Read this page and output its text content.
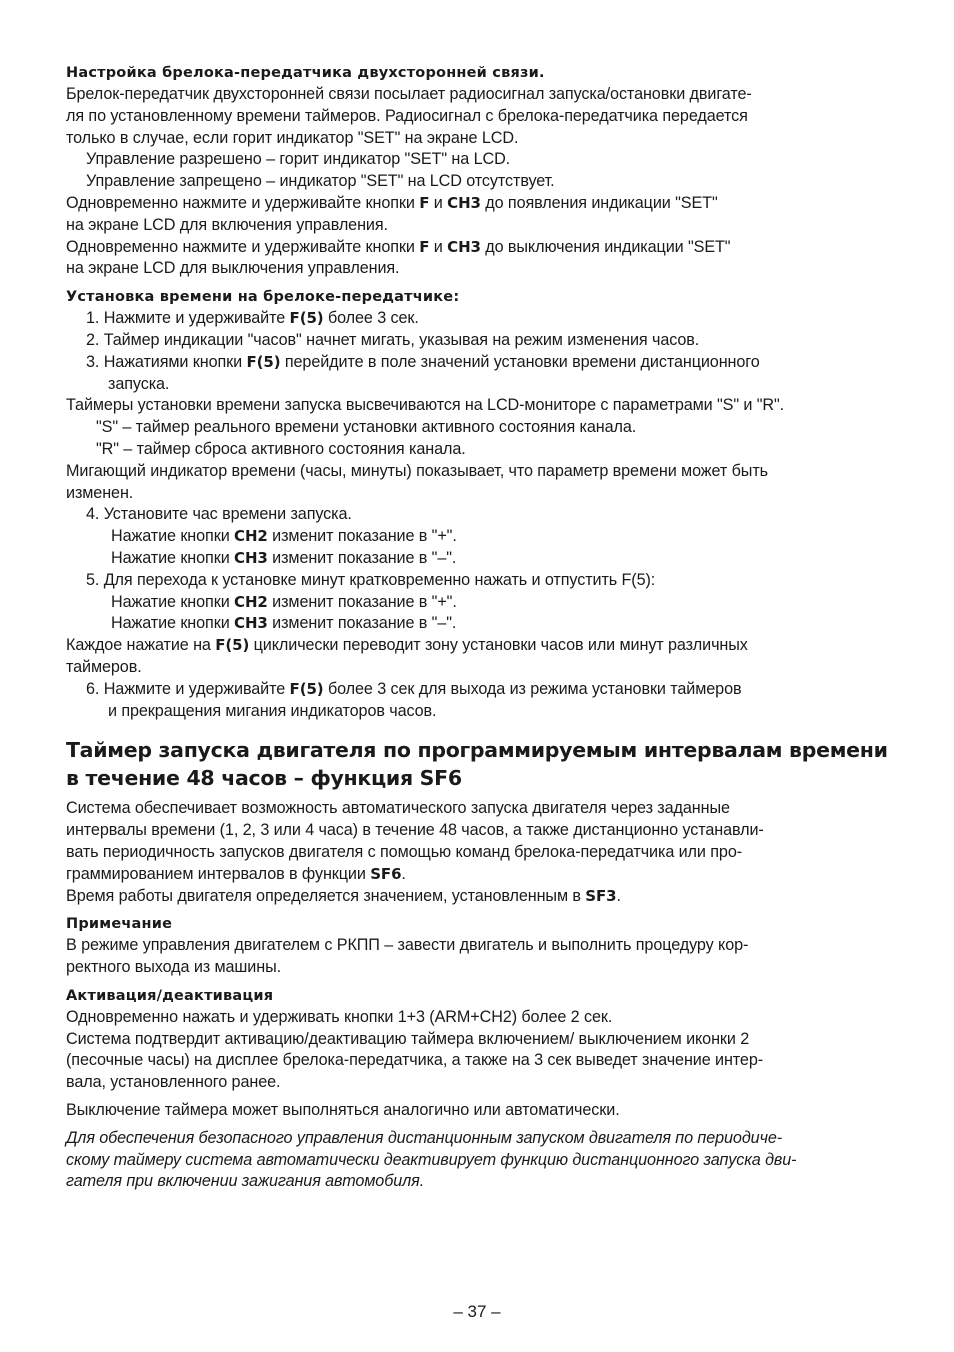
Настройка брелока-передатчика двухсторонней связи.
Брелок-передатчик двухсторонней связи посылает радиосигнал запуска/остановки двигате-
ля по установленному времени таймеров. Радиосигнал с брелока-передатчика передается
только в случае, если горит индикатор "SET" на экране LCD.
Управление разрешено – горит индикатор "SET" на LCD.
Управление запрещено – индикатор "SET" на LCD отсутствует.
Одновременно нажмите и удерживайте кнопки F и CH3 до появления индикации "SET"
на экране LCD для включения управления.
Одновременно нажмите и удерживайте кнопки F и CH3 до выключения индикации "SET"
на экране LCD для выключения управления.
Установка времени на брелоке-передатчике:
1. Нажмите и удерживайте F(5) более 3 сек.
2. Таймер индикации "часов" начнет мигать, указывая на режим изменения часов.
3. Нажатиями кнопки F(5) перейдите в поле значений установки времени дистанционного
запуска.
Таймеры установки времени запуска высвечиваются на LCD-мониторе с параметрами "S" и "R".
"S" – таймер реального времени установки активного состояния канала.
"R" – таймер сброса активного состояния канала.
Мигающий индикатор времени (часы, минуты) показывает, что параметр времени может быть
изменен.
4. Установите час времени запуска.
Нажатие кнопки CH2 изменит показание в "+".
Нажатие кнопки CH3 изменит показание в "–".
5. Для перехода к установке минут кратковременно нажать и отпустить F(5):
Нажатие кнопки CH2 изменит показание в "+".
Нажатие кнопки CH3 изменит показание в "–".
Каждое нажатие на F(5) циклически переводит зону установки часов или минут различных
таймеров.
6. Нажмите и удерживайте F(5) более 3 сек для выхода из режима установки таймеров
и прекращения мигания индикаторов часов.
Таймер запуска двигателя по программируемым интервалам времени
в течение 48 часов – функция SF6
Система обеспечивает возможность автоматического запуска двигателя через заданные
интервалы времени (1, 2, 3 или 4 часа) в течение 48 часов, а также дистанционно устанавли-
вать периодичность запусков двигателя с помощью команд брелока-передатчика или про-
граммированием интервалов в функции SF6.
Время работы двигателя определяется значением, установленным в SF3.
Примечание
В режиме управления двигателем с РКПП – завести двигатель и выполнить процедуру кор-
ректного выхода из машины.
Активация/деактивация
Одновременно нажать и удерживать кнопки 1+3 (ARM+CH2) более 2 сек.
Система подтвердит активацию/деактивацию таймера включением/ выключением иконки 2
(песочные часы) на дисплее брелока-передатчика, а также на 3 сек выведет значение интер-
вала, установленного ранее.
Выключение таймера может выполняться аналогично или автоматически.
Для обеспечения безопасного управления дистанционным запуском двигателя по периодиче-
скому таймеру система автоматически деактивирует функцию дистанционного запуска дви-
гателя при включении зажигания автомобиля.
– 37 –
